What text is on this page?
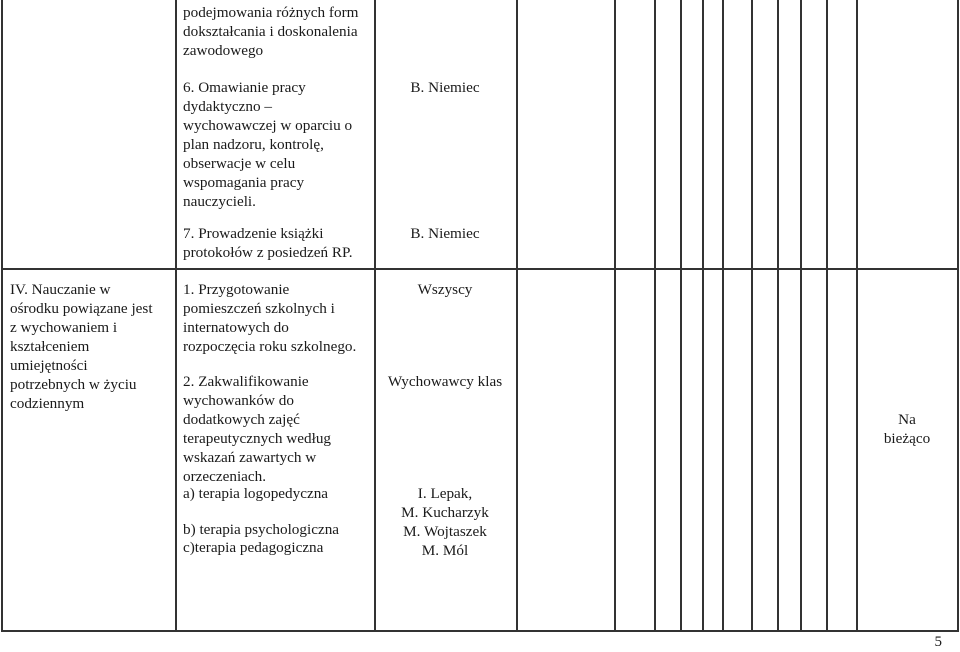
podejmowania różnych form
dokształcania i doskonalenia
zawodowego
6. Omawianie pracy
dydaktyczno –
wychowawczej w oparciu o
plan nadzoru, kontrolę,
obserwacje w celu
wspomagania pracy
nauczycieli.
B. Niemiec
7. Prowadzenie książki
protokołów z posiedzeń RP.
B. Niemiec
IV. Nauczanie w
ośrodku powiązane jest
z wychowaniem i
kształceniem
umiejętności
potrzebnych w życiu
codziennym
1. Przygotowanie
pomieszczeń szkolnych i
internatowych do
rozpoczęcia roku szkolnego.
Wszyscy
2. Zakwalifikowanie
wychowanków do
dodatkowych zajęć
terapeutycznych według
wskazań zawartych w
orzeczeniach.
a) terapia logopedyczna
b) terapia psychologiczna
c)terapia pedagogiczna
Wychowawcy klas
I. Lepak,
M. Kucharzyk
M. Wojtaszek
M. Mól
Na
bieżąco
5
